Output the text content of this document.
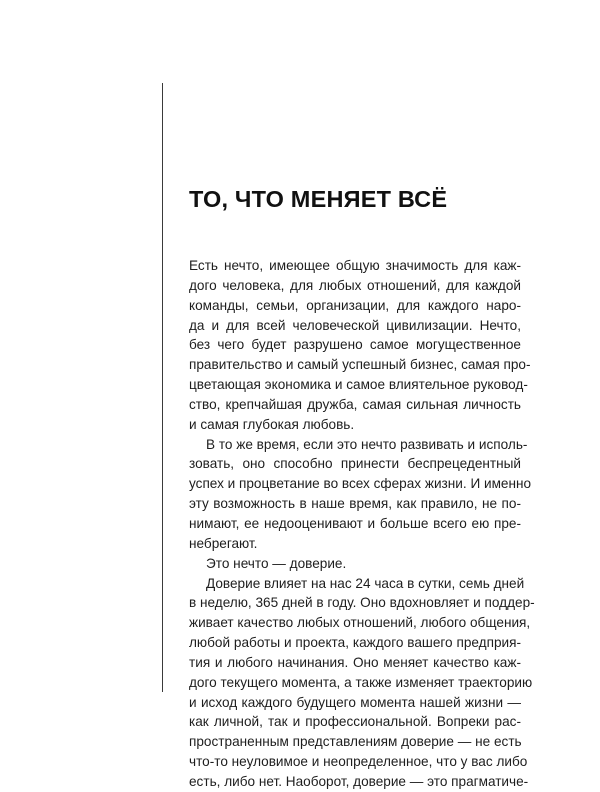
ТО, ЧТО МЕНЯЕТ ВСЁ
Есть нечто, имеющее общую значимость для каж-
дого человека, для любых отношений, для каждой
команды, семьи, организации, для каждого наро-
да и для всей человеческой цивилизации. Нечто,
без чего будет разрушено самое могущественное
правительство и самый успешный бизнес, самая про-
цветающая экономика и самое влиятельное руковод-
ство, крепчайшая дружба, самая сильная личность
и самая глубокая любовь.
В то же время, если это нечто развивать и исполь-
зовать, оно способно принести беспрецедентный
успех и процветание во всех сферах жизни. И именно
эту возможность в наше время, как правило, не по-
нимают, ее недооценивают и больше всего ею пре-
небрегают.
Это нечто — доверие.
Доверие влияет на нас 24 часа в сутки, семь дней
в неделю, 365 дней в году. Оно вдохновляет и поддер-
живает качество любых отношений, любого общения,
любой работы и проекта, каждого вашего предприя-
тия и любого начинания. Оно меняет качество каж-
дого текущего момента, а также изменяет траекторию
и исход каждого будущего момента нашей жизни —
как личной, так и профессиональной. Вопреки рас-
пространенным представлениям доверие — не есть
что-то неуловимое и неопределенное, что у вас либо
есть, либо нет. Наоборот, доверие — это прагматиче-
